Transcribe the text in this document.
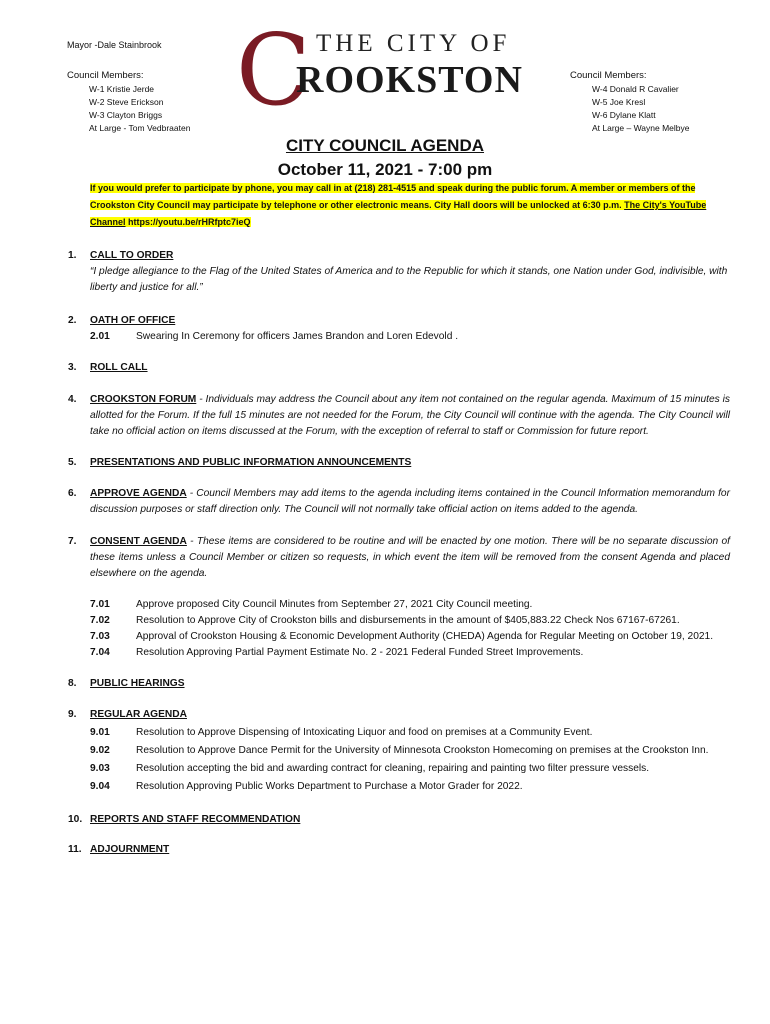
Mayor -Dale Stainbrook
Council Members:
W-1 Kristie Jerde
W-2 Steve Erickson
W-3 Clayton Briggs
At Large - Tom Vedbraaten C THE CITY OF
ROOKSTON	Council Members:
W-4 Donald R Cavalier
W-5 Joe Kresl
W-6 Dylane Klatt
At Large – Wayne Melbye
CITY COUNCIL AGENDA
October 11, 2021 - 7:00 pm
If you would prefer to participate by phone, you may call in at (218) 281-4515 and speak during the public forum. A member or members of the Crookston City Council may participate by telephone or other electronic means. City Hall doors will be unlocked at 6:30 p.m. The City's YouTube Channel https://youtu.be/rHRfptc7ieQ
1. CALL TO ORDER
“I pledge allegiance to the Flag of the United States of America and to the Republic for which it stands, one Nation under God, indivisible, with liberty and justice for all.”
2. OATH OF OFFICE
2.01	Swearing In Ceremony for officers James Brandon and Loren Edevold .
3. ROLL CALL
4. CROOKSTON FORUM - Individuals may address the Council about any item not contained on the regular agenda. Maximum of 15 minutes is allotted for the Forum. If the full 15 minutes are not needed for the Forum, the City Council will continue with the agenda. The City Council will take no official action on items discussed at the Forum, with the exception of referral to staff or Commission for future report.
5. PRESENTATIONS AND PUBLIC INFORMATION ANNOUNCEMENTS
6. APPROVE AGENDA - Council Members may add items to the agenda including items contained in the Council Information memorandum for discussion purposes or staff direction only. The Council will not normally take official action on items added to the agenda.
7. CONSENT AGENDA - These items are considered to be routine and will be enacted by one motion. There will be no separate discussion of these items unless a Council Member or citizen so requests, in which event the item will be removed from the consent Agenda and placed elsewhere on the agenda.
7.01	Approve proposed City Council Minutes from September 27, 2021 City Council meeting.
7.02	Resolution to Approve City of Crookston bills and disbursements in the amount of $405,883.22 Check Nos 67167-67261.
7.03	Approval of Crookston Housing & Economic Development Authority (CHEDA) Agenda for Regular Meeting on October 19, 2021.
7.04	Resolution Approving Partial Payment Estimate No. 2 - 2021 Federal Funded Street Improvements.
8. PUBLIC HEARINGS
9. REGULAR AGENDA
9.01	Resolution to Approve Dispensing of Intoxicating Liquor and food on premises at a Community Event.
9.02	Resolution to Approve Dance Permit for the University of Minnesota Crookston Homecoming on premises at the Crookston Inn.
9.03	Resolution accepting the bid and awarding contract for cleaning, repairing and painting two filter pressure vessels.
9.04	Resolution Approving Public Works Department to Purchase a Motor Grader for 2022.
10. REPORTS AND STAFF RECOMMENDATION
11. ADJOURNMENT
